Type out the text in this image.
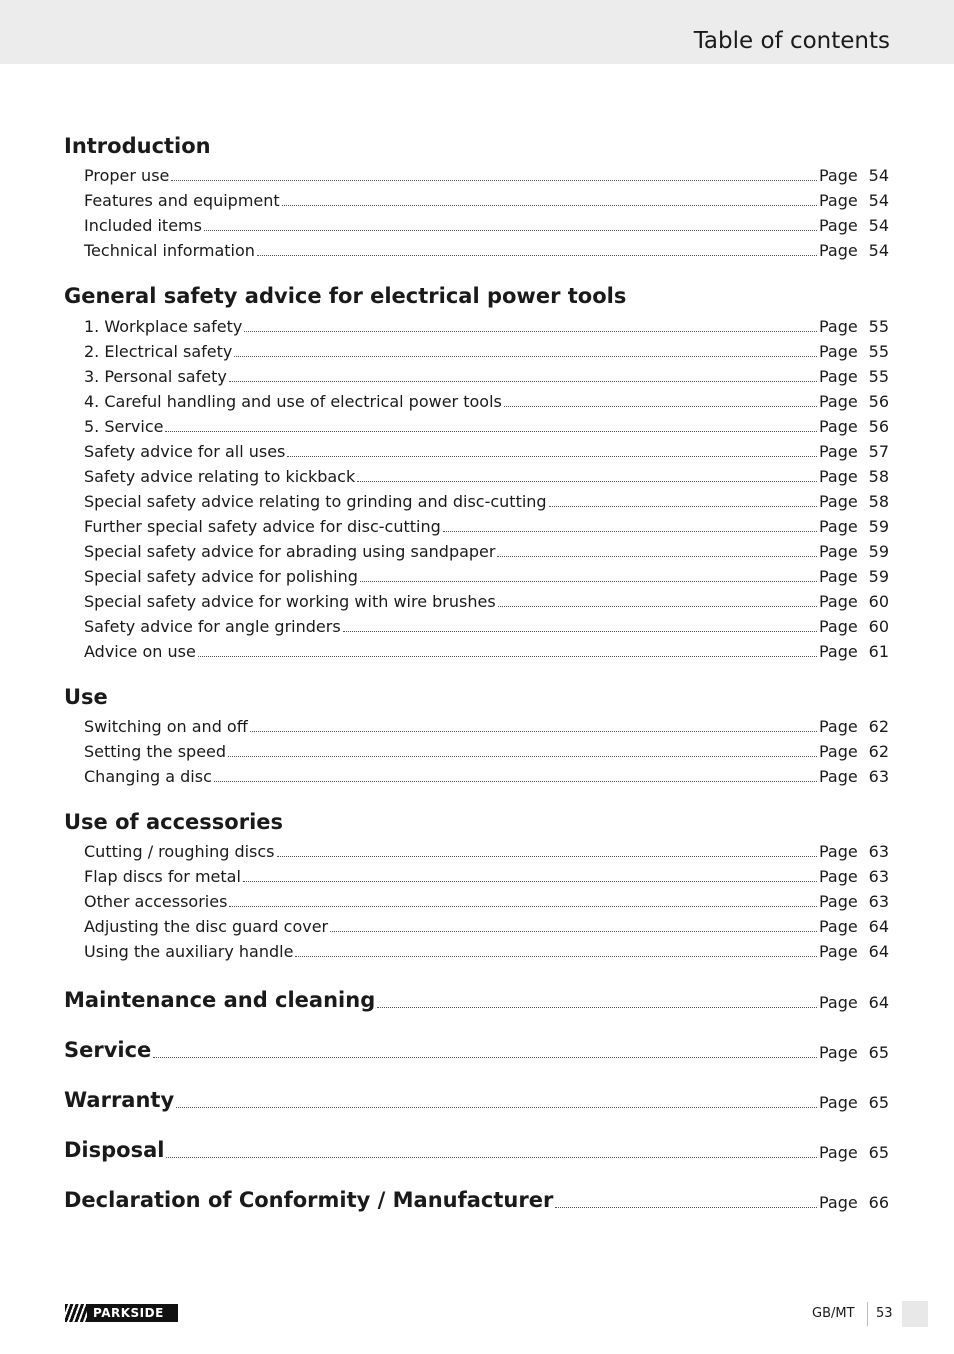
Table of contents
Introduction
Proper use	Page 54
Features and equipment	Page 54
Included items	Page 54
Technical information	Page 54
General safety advice for electrical power tools
1. Workplace safety	Page 55
2. Electrical safety	Page 55
3. Personal safety	Page 55
4. Careful handling and use of electrical power tools	Page 56
5. Service	Page 56
Safety advice for all uses	Page 57
Safety advice relating to kickback	Page 58
Special safety advice relating to grinding and disc-cutting	Page 58
Further special safety advice for disc-cutting	Page 59
Special safety advice for abrading using sandpaper	Page 59
Special safety advice for polishing	Page 59
Special safety advice for working with wire brushes	Page 60
Safety advice for angle grinders	Page 60
Advice on use	Page 61
Use
Switching on and off	Page 62
Setting the speed	Page 62
Changing a disc	Page 63
Use of accessories
Cutting / roughing discs	Page 63
Flap discs for metal	Page 63
Other accessories	Page 63
Adjusting the disc guard cover	Page 64
Using the auxiliary handle	Page 64
Maintenance and cleaning	Page 64
Service	Page 65
Warranty	Page 65
Disposal	Page 65
Declaration of Conformity / Manufacturer	Page 66
PARKSIDE	GB/MT 53
